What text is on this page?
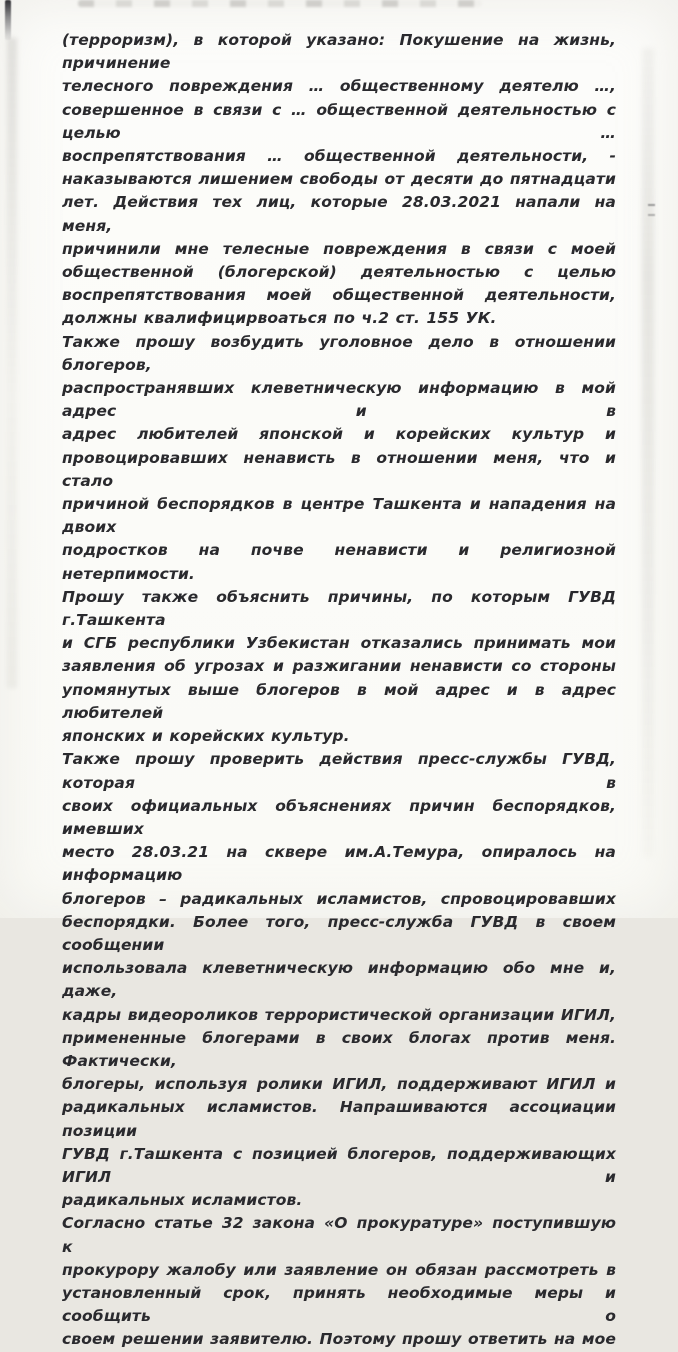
(терроризм), в которой указано: Покушение на жизнь, причинение
телесного повреждения … общественному деятелю …,
совершенное в связи с … общественной деятельностью с целью …
воспрепятствования … общественной деятельности, -
наказываются лишением свободы от десяти до пятнадцати
лет. Действия тех лиц, которые 28.03.2021 напали на меня,
причинили мне телесные повреждения в связи с моей
общественной (блогерской) деятельностью с целью
воспрепятствования моей общественной деятельности,
должны квалифицирвоаться по ч.2 ст. 155 УК.
Также прошу возбудить уголовное дело в отношении блогеров,
распространявших клеветническую информацию в мой адрес и в
адрес любителей японской и корейских культур и
провоцировавших ненависть в отношении меня, что и стало
причиной беспорядков в центре Ташкента и нападения на двоих
подростков на почве ненависти и религиозной нетерпимости.
Прошу также объяснить причины, по которым ГУВД г.Ташкента
и СГБ республики Узбекистан отказались принимать мои
заявления об угрозах и разжигании ненависти со стороны
упомянутых выше блогеров в мой адрес и в адрес любителей
японских и корейских культур.
Также прошу проверить действия пресс-службы ГУВД, которая в
своих официальных объяснениях причин беспорядков, имевших
место 28.03.21 на сквере им.А.Темура, опиралось на информацию
блогеров – радикальных исламистов, спровоцировавших
беспорядки. Более того, пресс-служба ГУВД в своем сообщении
использовала клеветническую информацию обо мне и, даже,
кадры видеороликов террористической организации ИГИЛ,
примененные блогерами в своих блогах против меня. Фактически,
блогеры, используя ролики ИГИЛ, поддерживают ИГИЛ и
радикальных исламистов. Напрашиваются ассоциации позиции
ГУВД г.Ташкента с позицией блогеров, поддерживающих ИГИЛ и
радикальных исламистов.
Согласно статье 32 закона «О прокуратуре» поступившую к
прокурору жалобу или заявление он обязан рассмотреть в
установленный срок, принять необходимые меры и сообщить о
своем решении заявителю. Поэтому прошу ответить на мое
